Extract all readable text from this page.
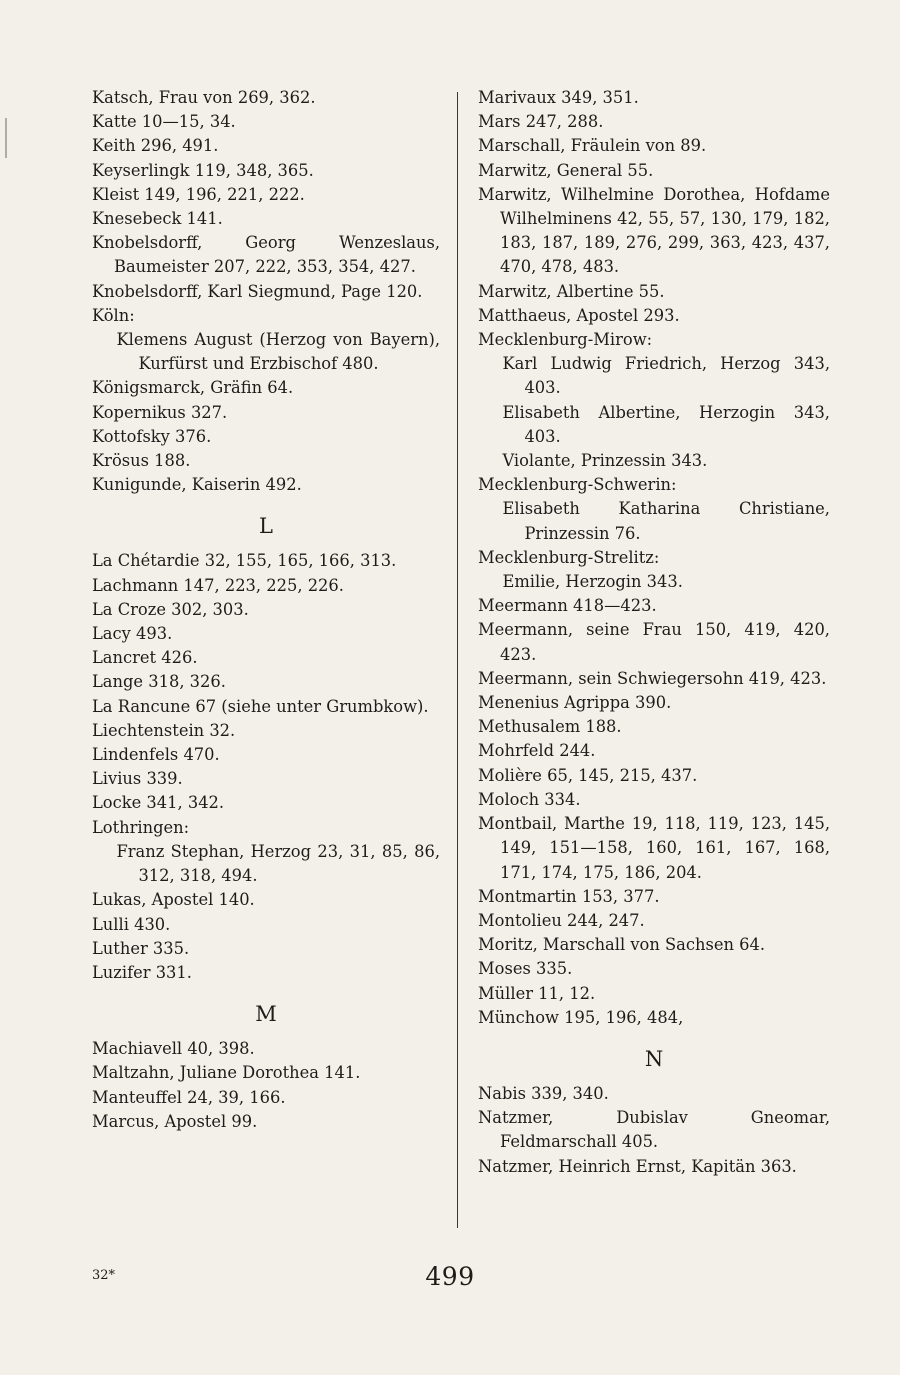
Katsch, Frau von 269, 362.
Katte 10—15, 34.
Keith 296, 491.
Keyserlingk 119, 348, 365.
Kleist 149, 196, 221, 222.
Knesebeck 141.
Knobelsdorff, Georg Wenzeslaus, Baumeister 207, 222, 353, 354, 427.
Knobelsdorff, Karl Siegmund, Page 120.
Köln:
Klemens August (Herzog von Bayern), Kurfürst und Erzbischof 480.
Königsmarck, Gräfin 64.
Kopernikus 327.
Kottofsky 376.
Krösus 188.
Kunigunde, Kaiserin 492.
L
La Chétardie 32, 155, 165, 166, 313.
Lachmann 147, 223, 225, 226.
La Croze 302, 303.
Lacy 493.
Lancret 426.
Lange 318, 326.
La Rancune 67 (siehe unter Grumbkow).
Liechtenstein 32.
Lindenfels 470.
Livius 339.
Locke 341, 342.
Lothringen:
Franz Stephan, Herzog 23, 31, 85, 86, 312, 318, 494.
Lukas, Apostel 140.
Lulli 430.
Luther 335.
Luzifer 331.
M
Machiavell 40, 398.
Maltzahn, Juliane Dorothea 141.
Manteuffel 24, 39, 166.
Marcus, Apostel 99.
Marivaux 349, 351.
Mars 247, 288.
Marschall, Fräulein von 89.
Marwitz, General 55.
Marwitz, Wilhelmine Dorothea, Hofdame Wilhelminens 42, 55, 57, 130, 179, 182, 183, 187, 189, 276, 299, 363, 423, 437, 470, 478, 483.
Marwitz, Albertine 55.
Matthaeus, Apostel 293.
Mecklenburg-Mirow:
Karl Ludwig Friedrich, Herzog 343, 403.
Elisabeth Albertine, Herzogin 343, 403.
Violante, Prinzessin 343.
Mecklenburg-Schwerin:
Elisabeth Katharina Christiane, Prinzessin 76.
Mecklenburg-Strelitz:
Emilie, Herzogin 343.
Meermann 418—423.
Meermann, seine Frau 150, 419, 420, 423.
Meermann, sein Schwiegersohn 419, 423.
Menenius Agrippa 390.
Methusalem 188.
Mohrfeld 244.
Molière 65, 145, 215, 437.
Moloch 334.
Montbail, Marthe 19, 118, 119, 123, 145, 149, 151—158, 160, 161, 167, 168, 171, 174, 175, 186, 204.
Montmartin 153, 377.
Montolieu 244, 247.
Moritz, Marschall von Sachsen 64.
Moses 335.
Müller 11, 12.
Münchow 195, 196, 484,
N
Nabis 339, 340.
Natzmer, Dubislav Gneomar, Feldmarschall 405.
Natzmer, Heinrich Ernst, Kapitän 363.
32*	499
